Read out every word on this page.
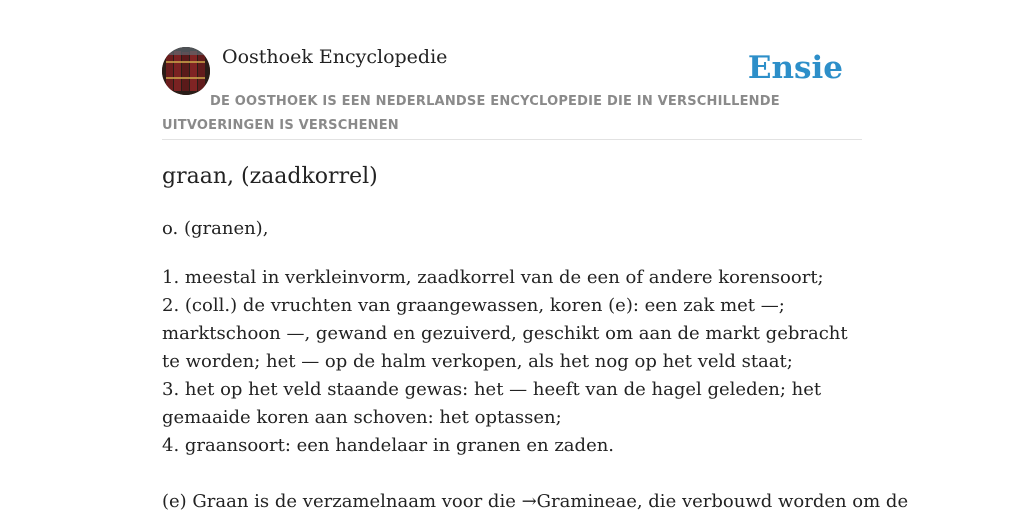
Oosthoek Encyclopedie	Ensie
DE OOSTHOEK IS EEN NEDERLANDSE ENCYCLOPEDIE DIE IN VERSCHILLENDE UITVOERINGEN IS VERSCHENEN
graan, (zaadkorrel)
o. (granen),
1. meestal in verkleinvorm, zaadkorrel van de een of andere korensoort;
2. (coll.) de vruchten van graangewassen, koren (e): een zak met —; marktschoon —, gewand en gezuiverd, geschikt om aan de markt gebracht te worden; het — op de halm verkopen, als het nog op het veld staat;
3. het op het veld staande gewas: het — heeft van de hagel geleden; het gemaaide koren aan schoven: het optassen;
4. graansoort: een handelaar in granen en zaden.
(e) Graan is de verzamelnaam voor die →Gramineae, die verbouwd worden om de
